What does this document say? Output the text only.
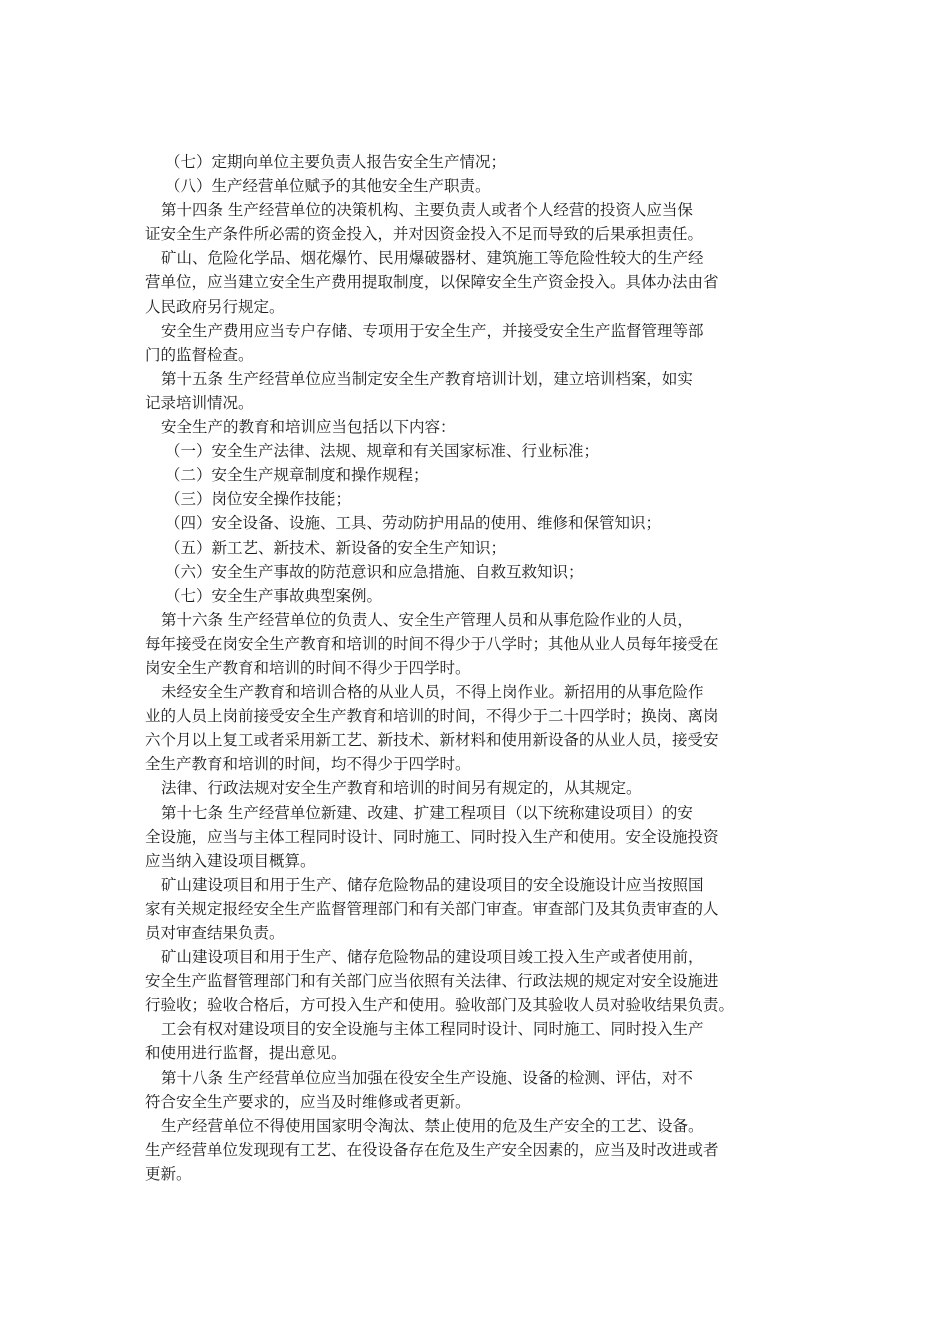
（七）定期向单位主要负责人报告安全生产情况；
（八）生产经营单位赋予的其他安全生产职责。
第十四条 生产经营单位的决策机构、主要负责人或者个人经营的投资人应当保
证安全生产条件所必需的资金投入，并对因资金投入不足而导致的后果承担责任。
矿山、危险化学品、烟花爆竹、民用爆破器材、建筑施工等危险性较大的生产经
营单位，应当建立安全生产费用提取制度，以保障安全生产资金投入。具体办法由省
人民政府另行规定。
安全生产费用应当专户存储、专项用于安全生产，并接受安全生产监督管理等部
门的监督检查。
第十五条 生产经营单位应当制定安全生产教育培训计划，建立培训档案，如实
记录培训情况。
安全生产的教育和培训应当包括以下内容：
（一）安全生产法律、法规、规章和有关国家标准、行业标准；
（二）安全生产规章制度和操作规程；
（三）岗位安全操作技能；
（四）安全设备、设施、工具、劳动防护用品的使用、维修和保管知识；
（五）新工艺、新技术、新设备的安全生产知识；
（六）安全生产事故的防范意识和应急措施、自救互救知识；
（七）安全生产事故典型案例。
第十六条 生产经营单位的负责人、安全生产管理人员和从事危险作业的人员，
每年接受在岗安全生产教育和培训的时间不得少于八学时；其他从业人员每年接受在
岗安全生产教育和培训的时间不得少于四学时。
未经安全生产教育和培训合格的从业人员，不得上岗作业。新招用的从事危险作
业的人员上岗前接受安全生产教育和培训的时间，不得少于二十四学时；换岗、离岗
六个月以上复工或者采用新工艺、新技术、新材料和使用新设备的从业人员，接受安
全生产教育和培训的时间，均不得少于四学时。
法律、行政法规对安全生产教育和培训的时间另有规定的，从其规定。
第十七条 生产经营单位新建、改建、扩建工程项目（以下统称建设项目）的安
全设施，应当与主体工程同时设计、同时施工、同时投入生产和使用。安全设施投资
应当纳入建设项目概算。
矿山建设项目和用于生产、储存危险物品的建设项目的安全设施设计应当按照国
家有关规定报经安全生产监督管理部门和有关部门审查。审查部门及其负责审查的人
员对审查结果负责。
矿山建设项目和用于生产、储存危险物品的建设项目竣工投入生产或者使用前，
安全生产监督管理部门和有关部门应当依照有关法律、行政法规的规定对安全设施进
行验收；验收合格后，方可投入生产和使用。验收部门及其验收人员对验收结果负责。
工会有权对建设项目的安全设施与主体工程同时设计、同时施工、同时投入生产
和使用进行监督，提出意见。
第十八条 生产经营单位应当加强在役安全生产设施、设备的检测、评估，对不
符合安全生产要求的，应当及时维修或者更新。
生产经营单位不得使用国家明令淘汰、禁止使用的危及生产安全的工艺、设备。
生产经营单位发现现有工艺、在役设备存在危及生产安全因素的，应当及时改进或者
更新。
